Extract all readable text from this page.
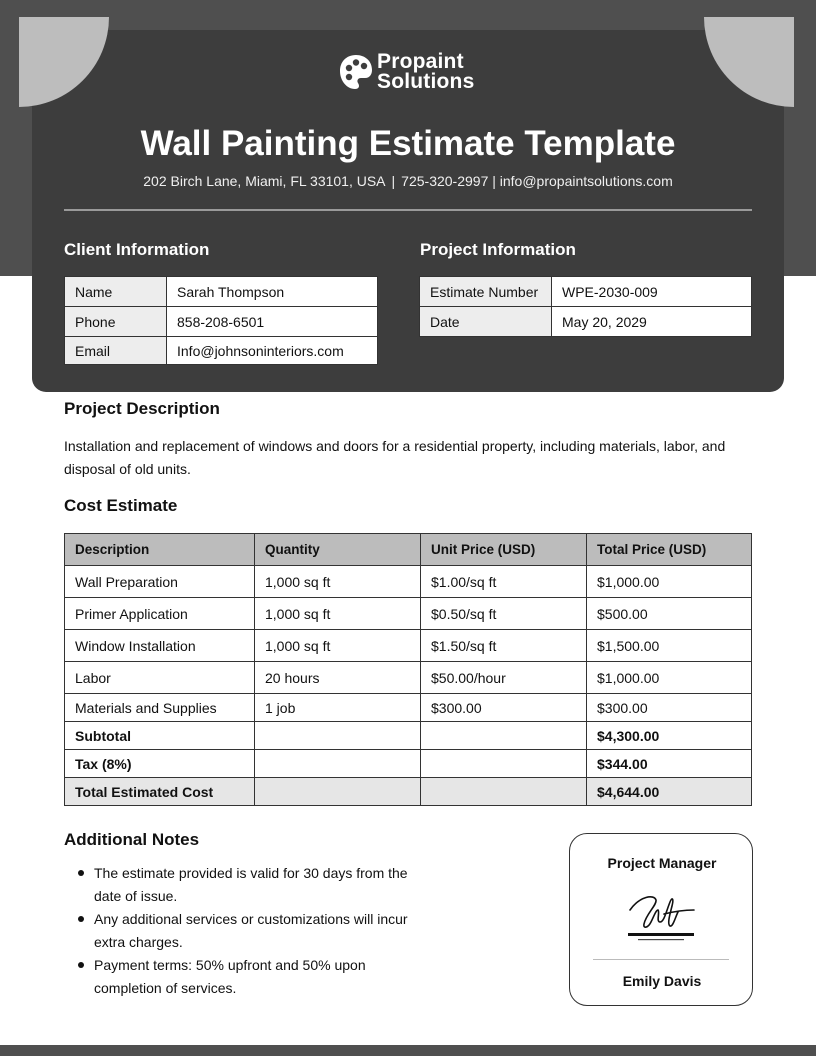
Propaint
Solutions
Wall Painting Estimate Template
202 Birch Lane, Miami, FL 33101, USA | 725-320-2997 | info@propaintsolutions.com
Client Information	Project Information
Name	Sarah Thompson
Phone	858-208-6501
Email	Info@johnsoninteriors.com
Estimate Number	WPE-2030-009
Date	May 20, 2029
Project Description
Installation and replacement of windows and doors for a residential property, including materials, labor, and disposal of old units.
Cost Estimate
Description	Quantity	Unit Price (USD)	Total Price (USD)
Wall Preparation	1,000 sq ft	$1.00/sq ft	$1,000.00
Primer Application	1,000 sq ft	$0.50/sq ft	$500.00
Window Installation	1,000 sq ft	$1.50/sq ft	$1,500.00
Labor	20 hours	$50.00/hour	$1,000.00
Materials and Supplies	1 job	$300.00	$300.00
Subtotal			$4,300.00
Tax (8%)			$344.00
Total Estimated Cost			$4,644.00
Additional Notes
The estimate provided is valid for 30 days from the date of issue.
Any additional services or customizations will incur extra charges.
Payment terms: 50% upfront and 50% upon completion of services.
Project Manager
Emily Davis
